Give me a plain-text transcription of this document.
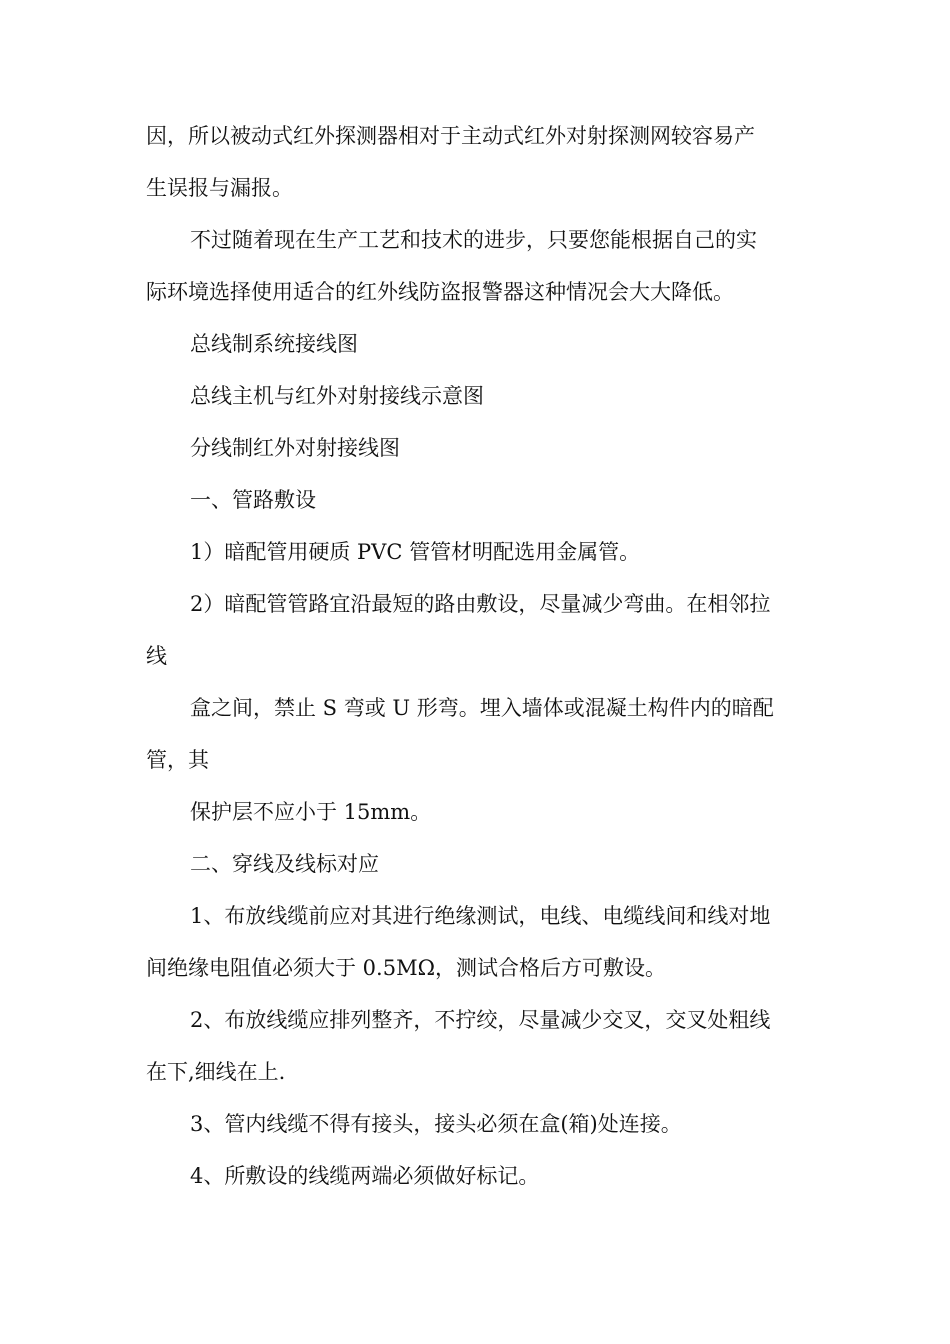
因，所以被动式红外探测器相对于主动式红外对射探测网较容易产
生误报与漏报。
不过随着现在生产工艺和技术的进步，只要您能根据自己的实
际环境选择使用适合的红外线防盗报警器这种情况会大大降低。
总线制系统接线图
总线主机与红外对射接线示意图
分线制红外对射接线图
一、管路敷设
1）暗配管用硬质 PVC 管管材明配选用金属管。
2）暗配管管路宜沿最短的路由敷设，尽量减少弯曲。在相邻拉
线
盒之间，禁止 S 弯或 U 形弯。埋入墙体或混凝土构件内的暗配
管，其
保护层不应小于 15mm。
二、穿线及线标对应
1、布放线缆前应对其进行绝缘测试，电线、电缆线间和线对地
间绝缘电阻值必须大于 0.5MΩ，测试合格后方可敷设。
2、布放线缆应排列整齐，不拧绞，尽量减少交叉，交叉处粗线
在下,细线在上.
3、管内线缆不得有接头，接头必须在盒(箱)处连接。
4、所敷设的线缆两端必须做好标记。
